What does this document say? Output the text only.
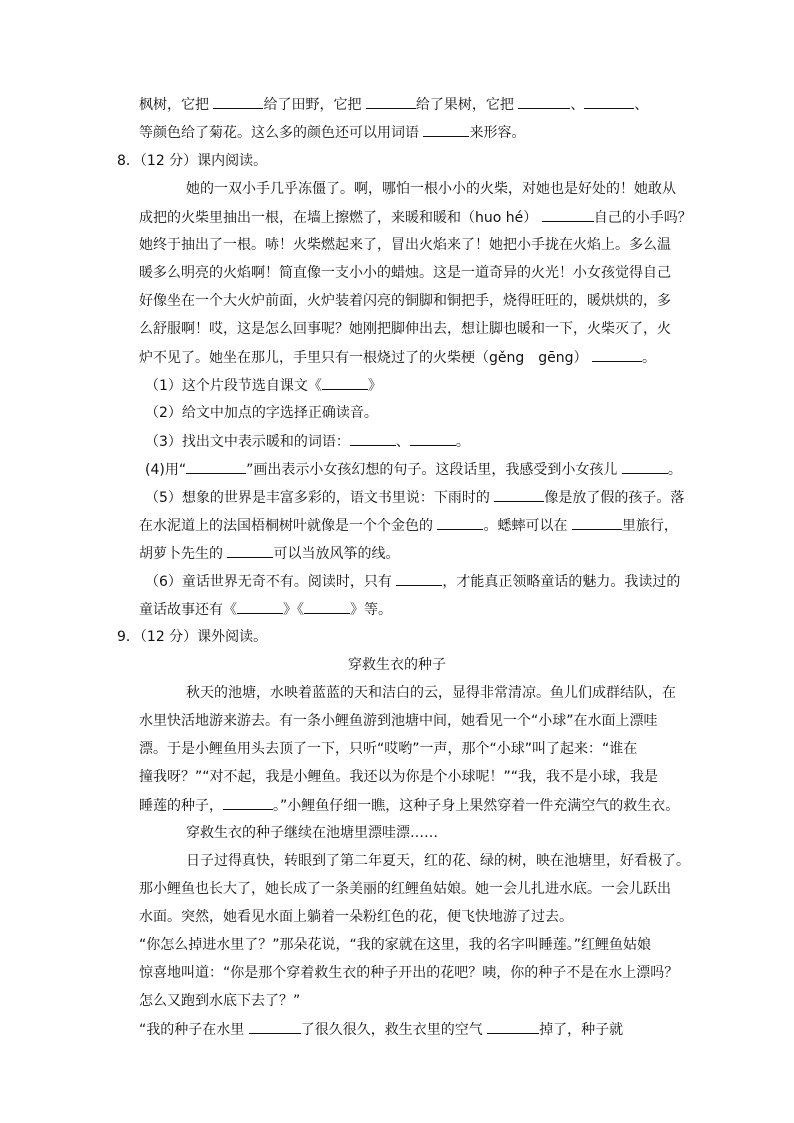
枫树，它把	给了田野，它把	给了果树，它把	、	、
等颜色给了菊花。这么多的颜色还可以用词语	来形容。
8．（12 分）课内阅读。
她的一双小手几乎冻僵了。啊，哪怕一根小小的火柴，对她也是好处的！她敢从
成把的火柴里抽出一根，在墙上擦燃了，来暖和暖和（huo hé）	自己的小手吗？
她终于抽出了一根。哧！火柴燃起来了，冒出火焰来了！她把小手拢在火焰上。多么温
暖多么明亮的火焰啊！简直像一支小小的蜡烛。这是一道奇异的火光！小女孩觉得自己
好像坐在一个大火炉前面，火炉装着闪亮的铜脚和铜把手，烧得旺旺的，暖烘烘的，多
么舒服啊！哎，这是怎么回事呢？她刚把脚伸出去，想让脚也暖和一下，火柴灭了，火
炉不见了。她坐在那儿，手里只有一根烧过了的火柴梗（gěng　gēng）	。
（1）这个片段节选自课文《	》
（2）给文中加点的字选择正确读音。
（3）找出文中表示暖和的词语：	、	。
(4)用“	”画出表示小女孩幻想的句子。这段话里，我感受到小女孩儿	。
（5）想象的世界是丰富多彩的，语文书里说：下雨时的	像是放了假的孩子。落
在水泥道上的法国梧桐树叶就像是一个个金色的	。蟋蟀可以在	里旅行，
胡萝卜先生的	可以当放风筝的线。
（6）童话世界无奇不有。阅读时，只有	，才能真正领略童话的魅力。我读过的
童话故事还有《	》《	》等。
9．（12 分）课外阅读。
穿救生衣的种子
秋天的池塘，水映着蓝蓝的天和洁白的云，显得非常清凉。鱼儿们成群结队，在
水里快活地游来游去。有一条小鲤鱼游到池塘中间，她看见一个“小球”在水面上漂哇
漂。于是小鲤鱼用头去顶了一下，只听“哎哟”一声，那个“小球”叫了起来：“谁在
撞我呀？”“对不起，我是小鲤鱼。我还以为你是个小球呢！”“我，我不是小球，我是
睡莲的种子，	。”小鲤鱼仔细一瞧，这种子身上果然穿着一件充满空气的救生衣。
穿救生衣的种子继续在池塘里漂哇漂……
日子过得真快，转眼到了第二年夏天，红的花、绿的树，映在池塘里，好看极了。
那小鲤鱼也长大了，她长成了一条美丽的红鲤鱼姑娘。她一会儿扎进水底。一会儿跃出
水面。突然，她看见水面上躺着一朵粉红色的花，便飞快地游了过去。
“你怎么掉进水里了？”那朵花说，“我的家就在这里，我的名字叫睡莲。”红鲤鱼姑娘
惊喜地叫道：“你是那个穿着救生衣的种子开出的花吧？咦，你的种子不是在水上漂吗？
怎么又跑到水底下去了？”
“我的种子在水里	了很久很久，救生衣里的空气	掉了，种子就
